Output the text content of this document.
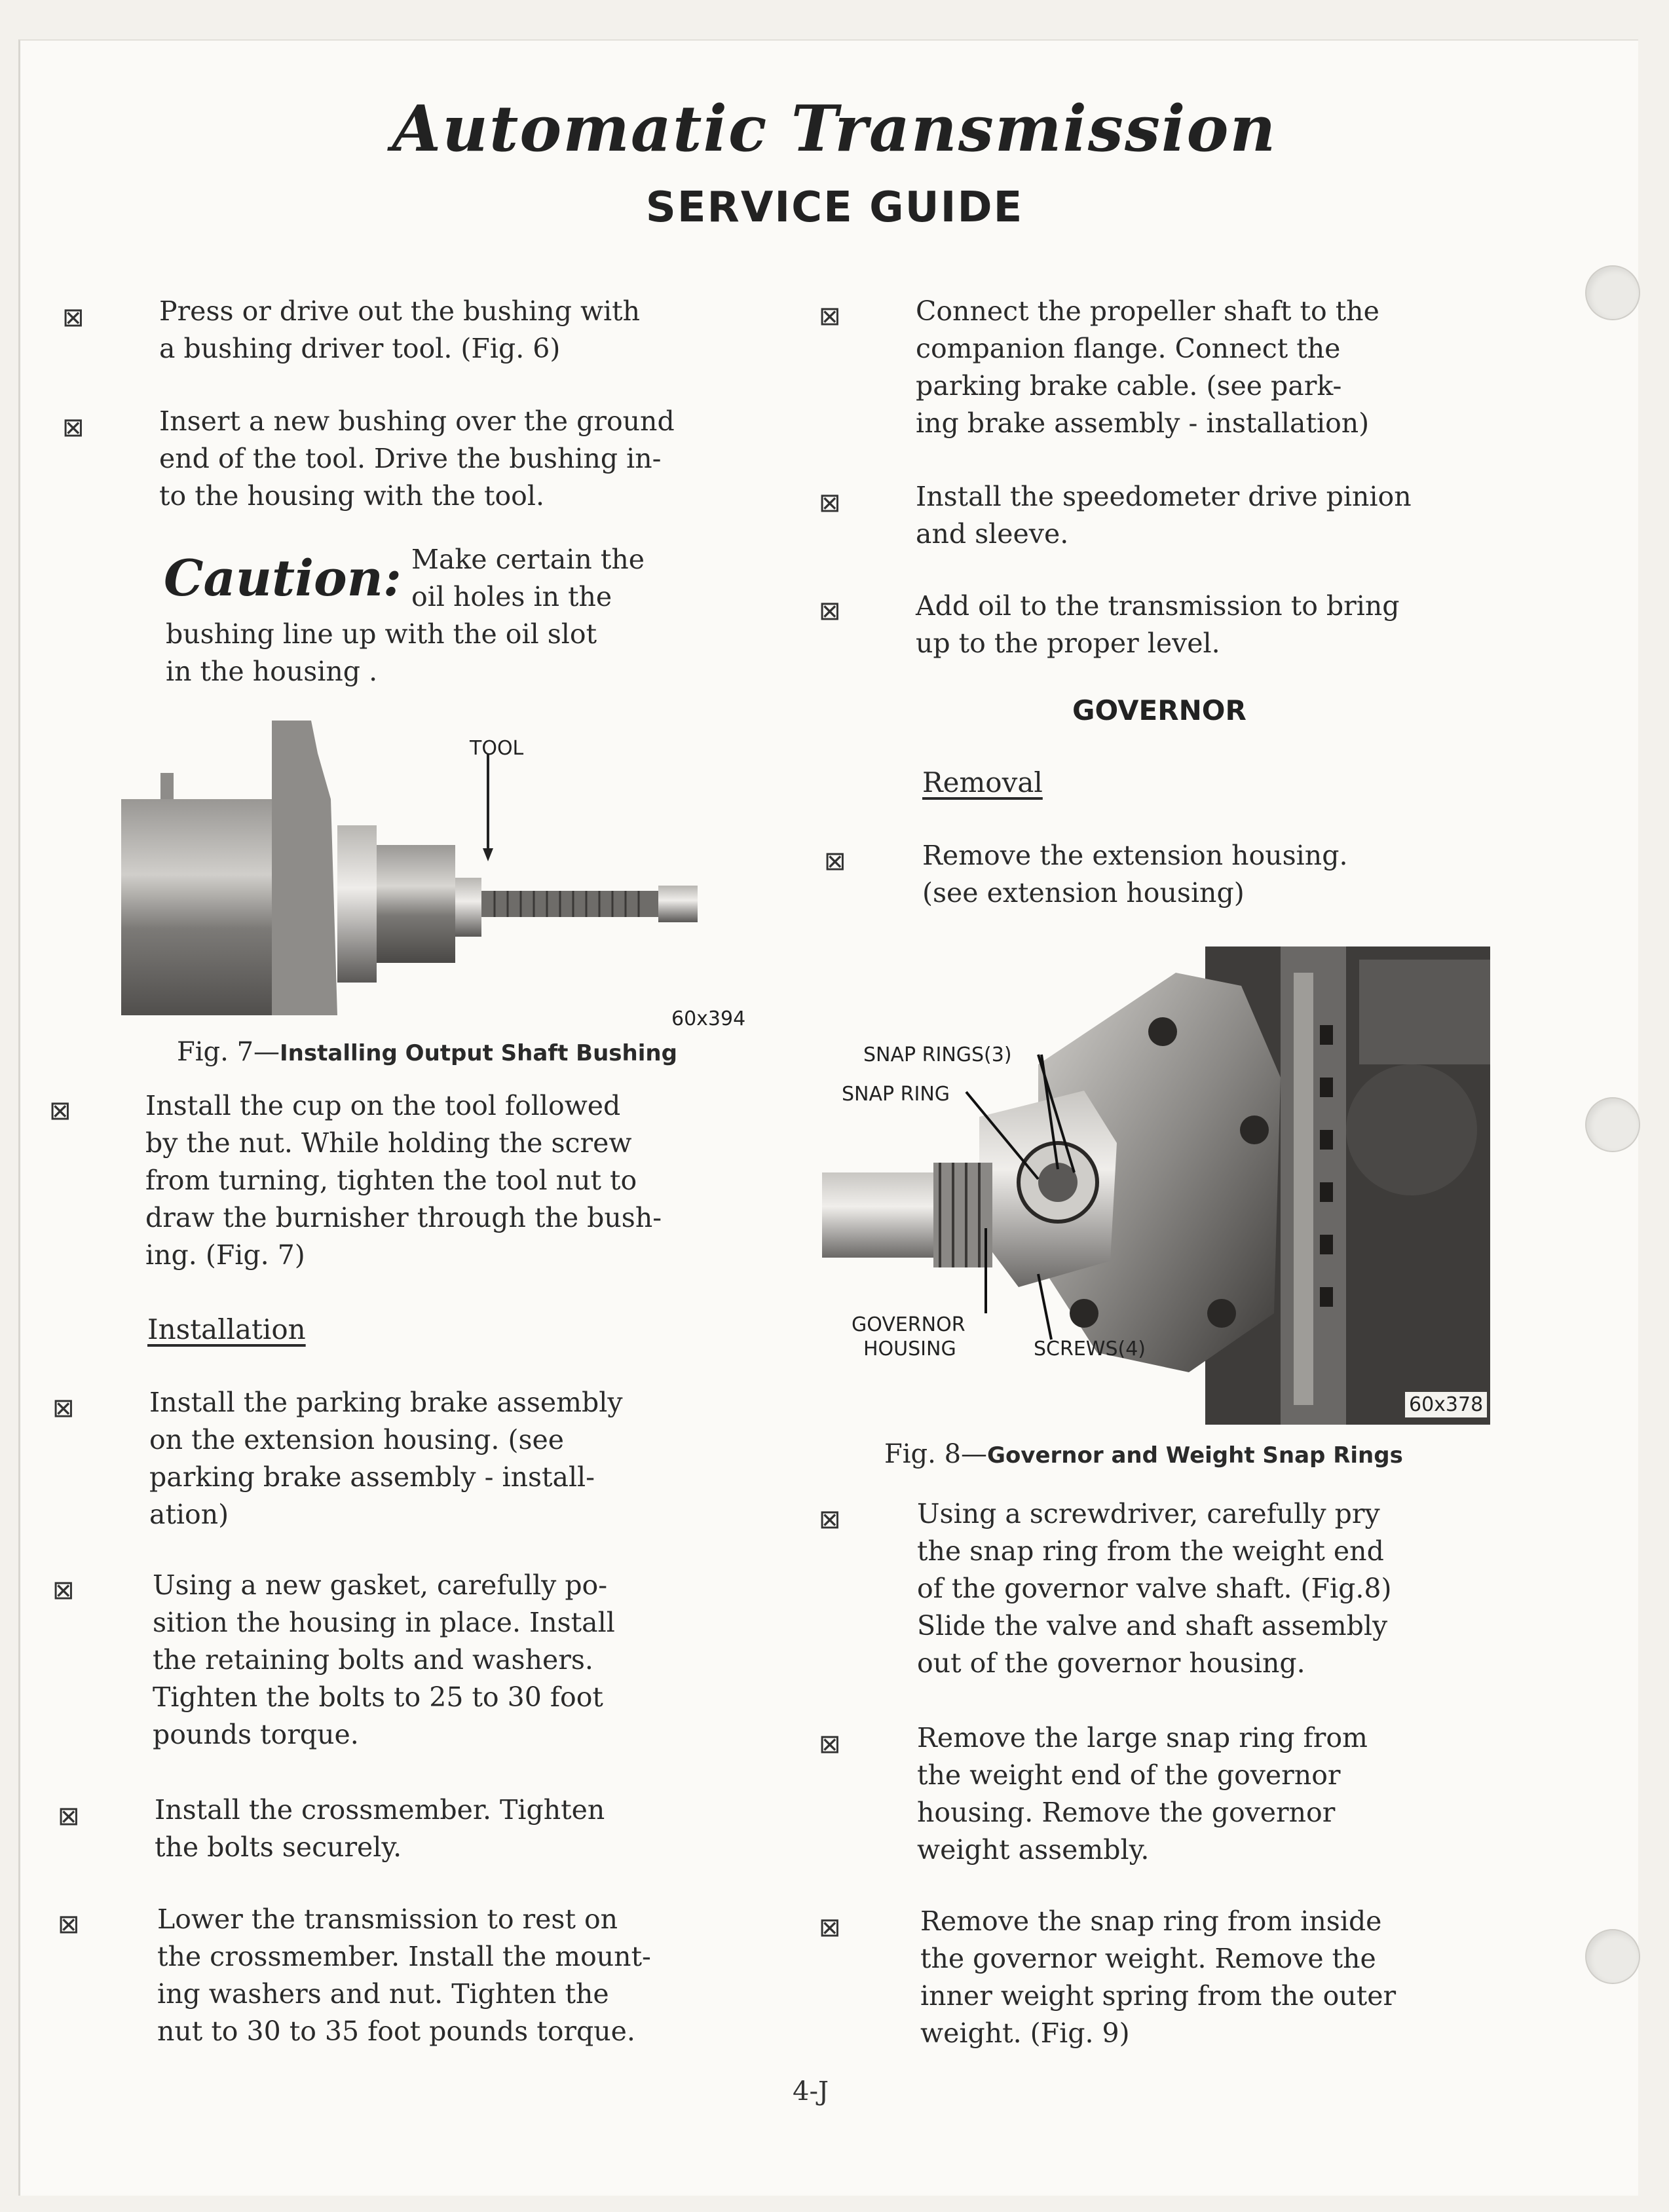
Automatic Transmission
SERVICE GUIDE
⊠	Press or drive out the bushing with
a bushing driver tool. (Fig. 6)
⊠	Insert a new bushing over the ground
end of the tool. Drive the bushing in-
to the housing with the tool.
Caution: Make certain the
oil holes in the
bushing line up with the oil slot
in the housing .
TOOL
60x394
Fig. 7—Installing Output Shaft Bushing
⊠	Install the cup on the tool followed
by the nut. While holding the screw
from turning, tighten the tool nut to
draw the burnisher through the bush-
ing. (Fig. 7)
Installation
⊠	Install the parking brake assembly
on the extension housing. (see
parking brake assembly - install-
ation)
⊠	Using a new gasket, carefully po-
sition the housing in place. Install
the retaining bolts and washers.
Tighten the bolts to 25 to 30 foot
pounds torque.
⊠	Install the crossmember. Tighten
the bolts securely.
⊠	Lower the transmission to rest on
the crossmember. Install the mount-
ing washers and nut. Tighten the
nut to 30 to 35 foot pounds torque.
⊠	Connect the propeller shaft to the
companion flange. Connect the
parking brake cable. (see park-
ing brake assembly - installation)
⊠	Install the speedometer drive pinion
and sleeve.
⊠	Add oil to the transmission to bring
up to the proper level.
GOVERNOR
Removal
⊠	Remove the extension housing.
(see extension housing)
SNAP RINGS(3)
SNAP RING
GOVERNOR
HOUSING	SCREWS(4)
60x378
Fig. 8—Governor and Weight Snap Rings
⊠	Using a screwdriver, carefully pry
the snap ring from the weight end
of the governor valve shaft. (Fig.8)
Slide the valve and shaft assembly
out of the governor housing.
⊠	Remove the large snap ring from
the weight end of the governor
housing. Remove the governor
weight assembly.
⊠	Remove the snap ring from inside
the governor weight. Remove the
inner weight spring from the outer
weight. (Fig. 9)
4-J
